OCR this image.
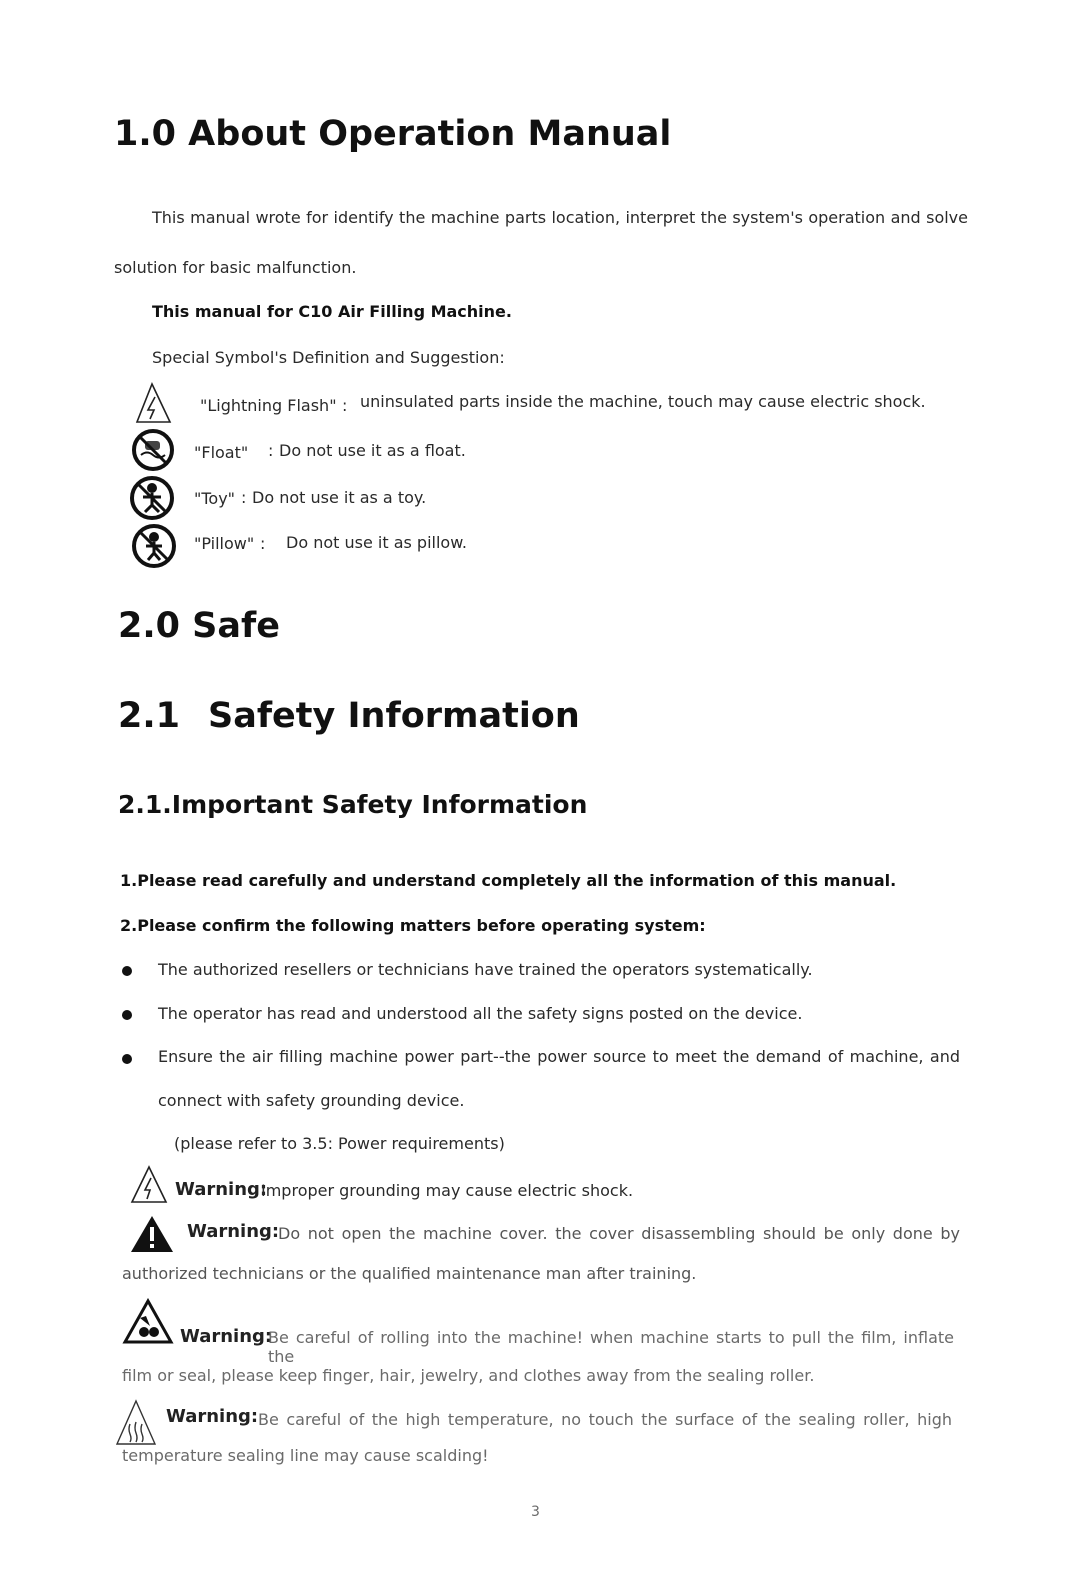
1.0 About Operation Manual
This manual wrote for identify the machine parts location, interpret the system's operation and solve
solution for basic malfunction.
This manual for C10 Air Filling Machine.
Special Symbol's Definition and Suggestion:
"Lightning Flash" : uninsulated parts inside the machine, touch may cause electric shock.
"Float" : Do not use it as a float.
"Toy" : Do not use it as a toy.
"Pillow" : Do not use it as pillow.
2.0 Safe
2.1 Safety Information
2.1.Important Safety Information
1.Please read carefully and understand completely all the information of this manual.
2.Please confirm the following matters before operating system:
The authorized resellers or technicians have trained the operators systematically.
The operator has read and understood all the safety signs posted on the device.
Ensure the air filling machine power part--the power source to meet the demand of machine, and
connect with safety grounding device.
(please refer to 3.5: Power requirements)
Warning:
Improper grounding may cause electric shock.
Warning:
Do not open the machine cover. the cover disassembling should be only done by
authorized technicians or the qualified maintenance man after training.
Warning:
Be careful of rolling into the machine! when machine starts to pull the film, inflate the
film or seal, please keep finger, hair, jewelry, and clothes away from the sealing roller.
Warning: Be careful of the high temperature, no touch the surface of the sealing roller, high
temperature sealing line may cause scalding!
3
